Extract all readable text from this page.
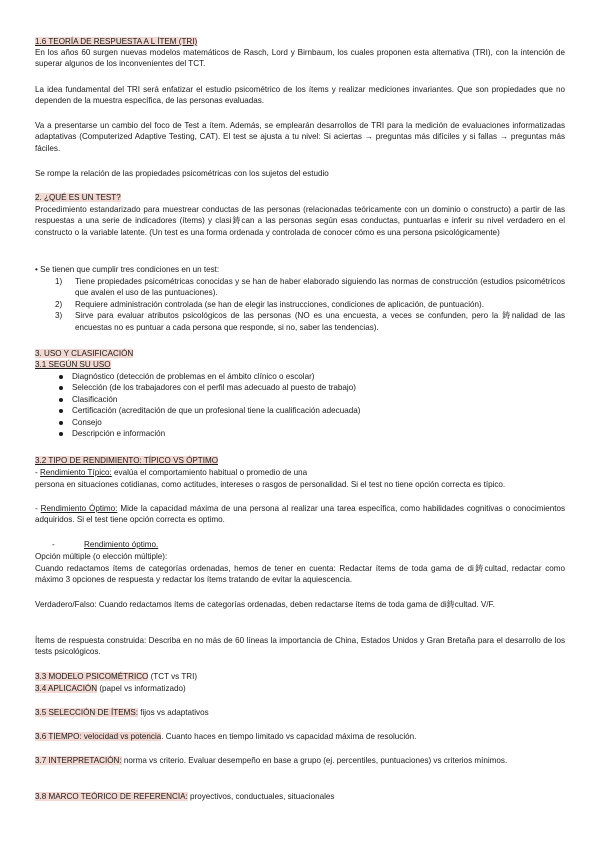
1.6 TEORÍA DE RESPUESTA A L ÍTEM (TRI)

En los años 60 surgen nuevas modelos matemáticos de Rasch, Lord y Birnbaum, los cuales proponen esta alternativa (TRI), con la intención de superar algunos de los inconvenientes del TCT.

La idea fundamental del TRI será enfatizar el estudio psicométrico de los ítems y realizar mediciones invariantes. Que son propiedades que no dependen de la muestra específica, de las personas evaluadas.

Va a presentarse un cambio del foco de Test a ítem. Además, se emplearán desarrollos de TRI para la medición de evaluaciones informatizadas adaptativas (Computerized Adaptive Testing, CAT). El test se ajusta a tu nivel: Si aciertas → preguntas más difíciles y si fallas → preguntas más fáciles.

Se rompe la relación de las propiedades psicométricas con los sujetos del estudio

2. ¿QUÉ ES UN TEST?

Procedimiento estandarizado para muestrear conductas de las personas (relacionadas teóricamente con un dominio o constructo) a partir de las respuestas a una serie de indicadores (ítems) y clasi鋳can a las personas según esas conductas, puntuarlas e inferir su nivel verdadero en el constructo o la variable latente. (Un test es una forma ordenada y controlada de conocer cómo es una persona psicológicamente)

• Se tienen que cumplir tres condiciones en un test:

1) Tiene propiedades psicométricas conocidas y se han de haber elaborado siguiendo las normas de construcción (estudios psicométricos que avalen el uso de las puntuaciones).
2) Requiere administración controlada (se han de elegir las instrucciones, condiciones de aplicación, de puntuación).
3) Sirve para evaluar atributos psicológicos de las personas (NO es una encuesta, a veces se confunden, pero la 鋳nalidad de las encuestas no es puntuar a cada persona que responde, si no, saber las tendencias).

3. USO Y CLASIFICACIÓN

3.1 SEGÚN SU USO

Diagnóstico (detección de problemas en el ámbito clínico o escolar)
Selección (de los trabajadores con el perfil mas adecuado al puesto de trabajo)
Clasificación
Certificación (acreditación de que un profesional tiene la cualificación adecuada)
Consejo
Descripción e información

3.2 TIPO DE RENDIMIENTO: TÍPICO VS ÓPTIMO

- Rendimiento Típico: evalúa el comportamiento habitual o promedio de una

persona en situaciones cotidianas, como actitudes, intereses o rasgos de personalidad. Si el test no tiene opción correcta es típico.

- Rendimiento Óptimo: Mide la capacidad máxima de una persona al realizar una tarea específica, como habilidades cognitivas o conocimientos adquiridos. Si el test tiene opción correcta es optimo.

-	Rendimiento óptimo.

Opción múltiple (o elección múltiple):

Cuando redactamos ítems de categorías ordenadas, hemos de tener en cuenta: Redactar ítems de toda gama de di鋳cultad, redactar como máximo 3 opciones de respuesta y redactar los ítems tratando de evitar la aquiescencia.

Verdadero/Falso: Cuando redactamos ítems de categorías ordenadas, deben redactarse ítems de toda gama de di鋳cultad. V/F.

Ítems de respuesta construida: Describa en no más de 60 líneas la importancia de China, Estados Unidos y Gran Bretaña para el desarrollo de los tests psicológicos.

3.3 MODELO PSICOMÉTRICO (TCT vs TRI)

3.4 APLICACIÓN (papel vs informatizado)

3.5 SELECCIÓN DE ÍTEMS: fijos vs adaptativos

3.6 TIEMPO: velocidad vs potencia. Cuanto haces en tiempo limitado vs capacidad máxima de resolución.

3.7 INTERPRETACIÓN: norma vs criterio. Evaluar desempeño en base a grupo (ej. percentiles, puntuaciones) vs criterios mínimos.

3.8 MARCO TEÓRICO DE REFERENCIA: proyectivos, conductuales, situacionales
